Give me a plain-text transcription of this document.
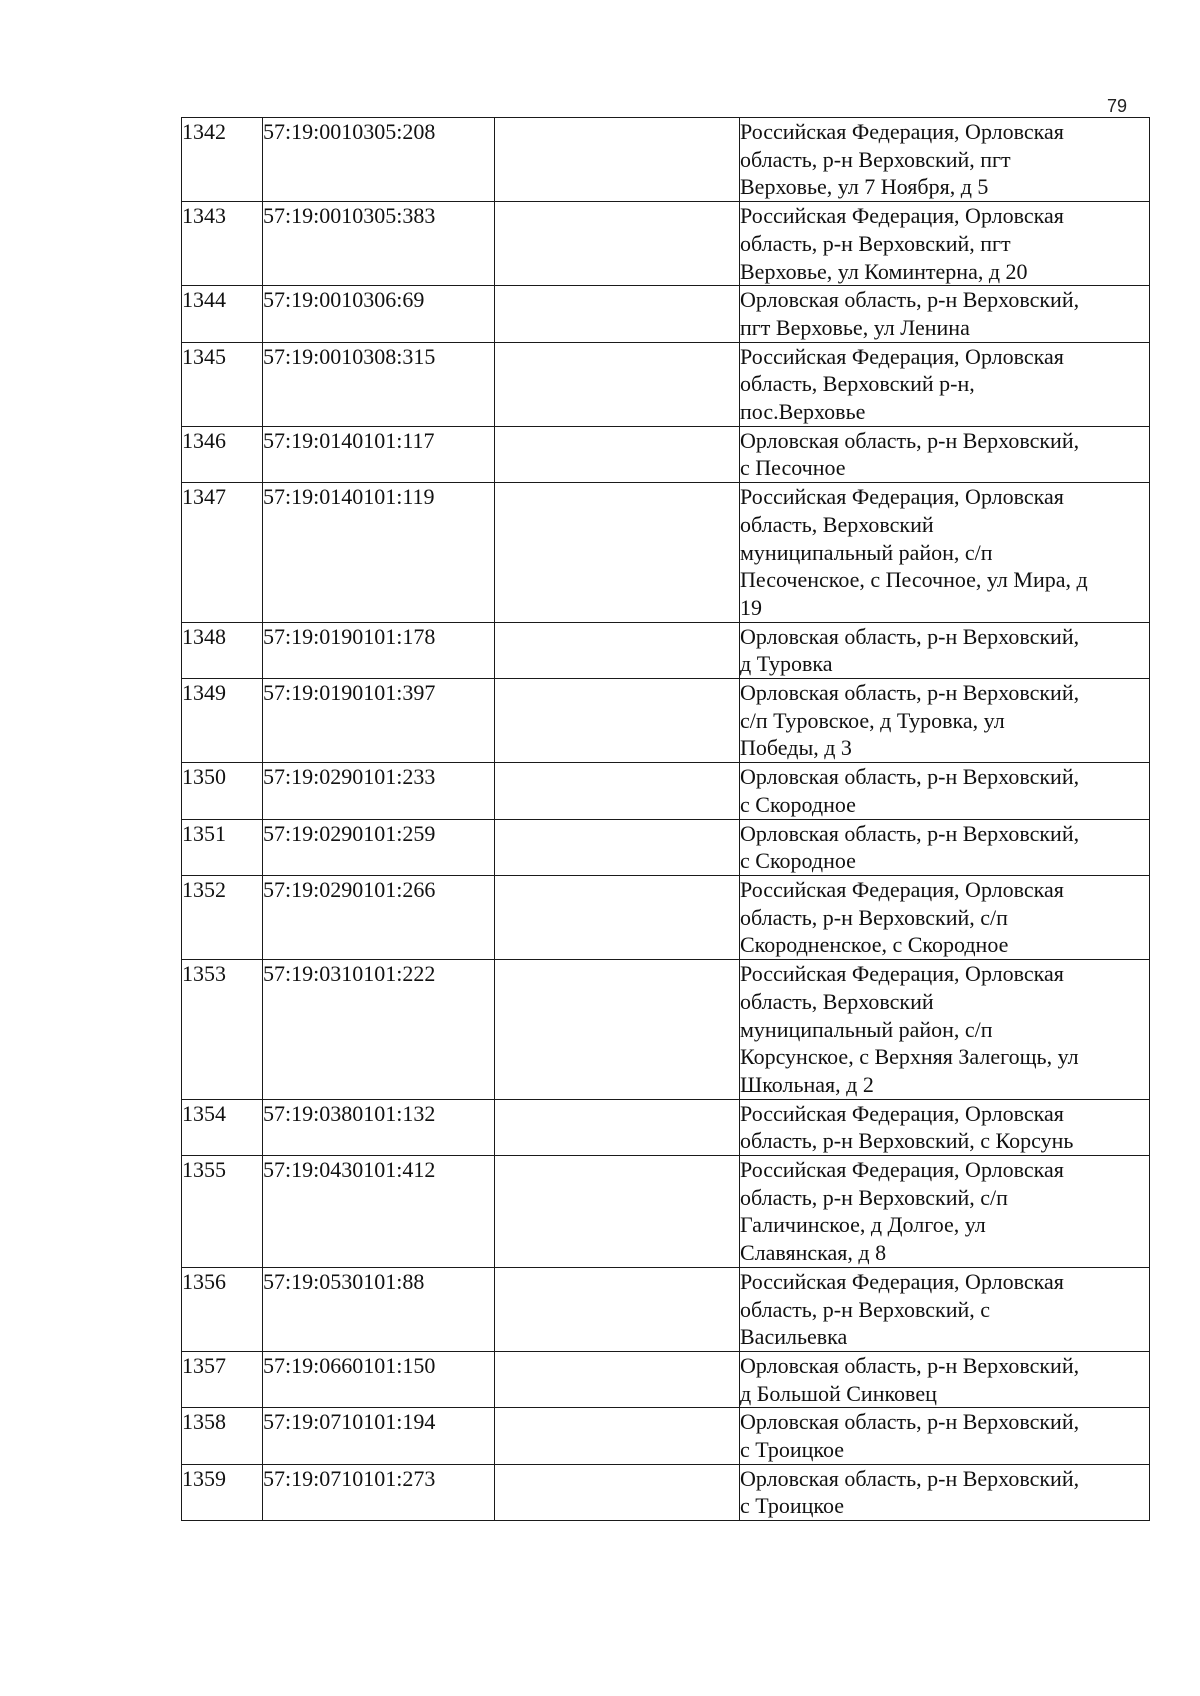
79
1342	57:19:0010305:208		Российская Федерация, Орловская
область, р-н Верховский, пгт
Верховье, ул 7 Ноября, д 5

1343	57:19:0010305:383		Российская Федерация, Орловская
область, р-н Верховский, пгт
Верховье, ул Коминтерна, д 20

1344	57:19:0010306:69		Орловская область, р-н Верховский,
пгт Верховье, ул Ленина

1345	57:19:0010308:315		Российская Федерация, Орловская
область, Верховский р-н,
пос.Верховье

1346	57:19:0140101:117		Орловская область, р-н Верховский,
с Песочное

1347	57:19:0140101:119		Российская Федерация, Орловская
область, Верховский
муниципальный район, с/п
Песоченское, с Песочное, ул Мира, д
19

1348	57:19:0190101:178		Орловская область, р-н Верховский,
д Туровка

1349	57:19:0190101:397		Орловская область, р-н Верховский,
с/п Туровское, д Туровка, ул
Победы, д 3

1350	57:19:0290101:233		Орловская область, р-н Верховский,
с Скородное

1351	57:19:0290101:259		Орловская область, р-н Верховский,
с Скородное

1352	57:19:0290101:266		Российская Федерация, Орловская
область, р-н Верховский, с/п
Скородненское, с Скородное

1353	57:19:0310101:222		Российская Федерация, Орловская
область, Верховский
муниципальный район, с/п
Корсунское, с Верхняя Залегощь, ул
Школьная, д 2

1354	57:19:0380101:132		Российская Федерация, Орловская
область, р-н Верховский, с Корсунь

1355	57:19:0430101:412		Российская Федерация, Орловская
область, р-н Верховский, с/п
Галичинское, д Долгое, ул
Славянская, д 8

1356	57:19:0530101:88		Российская Федерация, Орловская
область, р-н Верховский, с
Васильевка

1357	57:19:0660101:150		Орловская область, р-н Верховский,
д Большой Синковец

1358	57:19:0710101:194		Орловская область, р-н Верховский,
с Троицкое

1359	57:19:0710101:273		Орловская область, р-н Верховский,
с Троицкое
